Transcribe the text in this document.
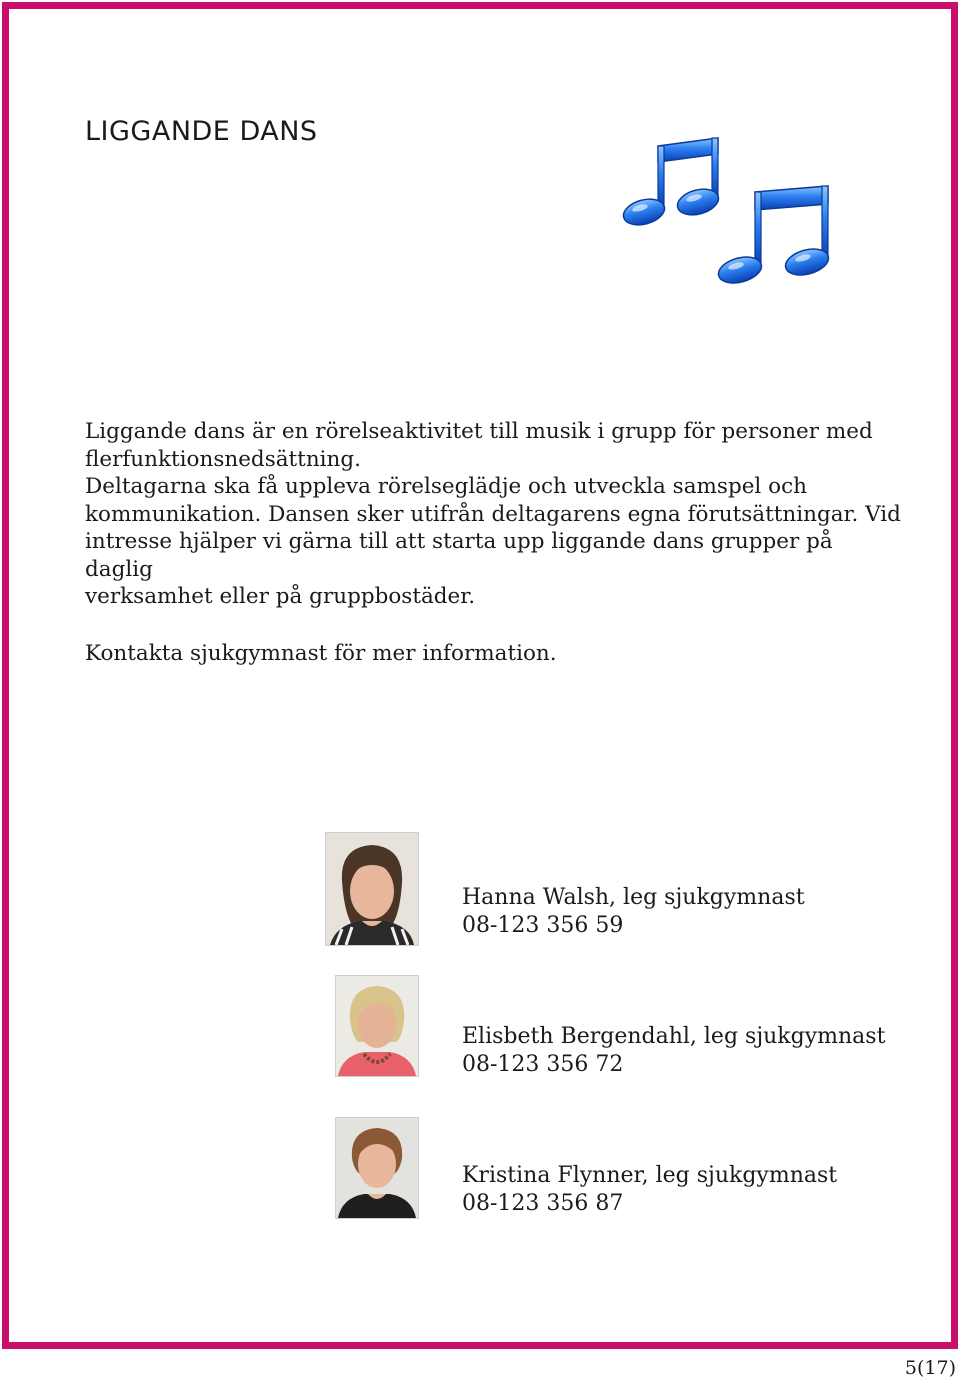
LIGGANDE DANS

Liggande dans är en rörelseaktivitet till musik i grupp för personer med
flerfunktionsnedsättning.
Deltagarna ska få uppleva rörelseglädje och utveckla samspel och
kommunikation. Dansen sker utifrån deltagarens egna förutsättningar. Vid
intresse hjälper vi gärna till att starta upp liggande dans grupper på daglig
verksamhet eller på gruppbostäder.

Kontakta sjukgymnast för mer information.

Hanna Walsh, leg sjukgymnast
08-123 356 59
Elisbeth Bergendahl, leg sjukgymnast
08-123 356 72
Kristina Flynner, leg sjukgymnast
08-123 356 87
5(17)
